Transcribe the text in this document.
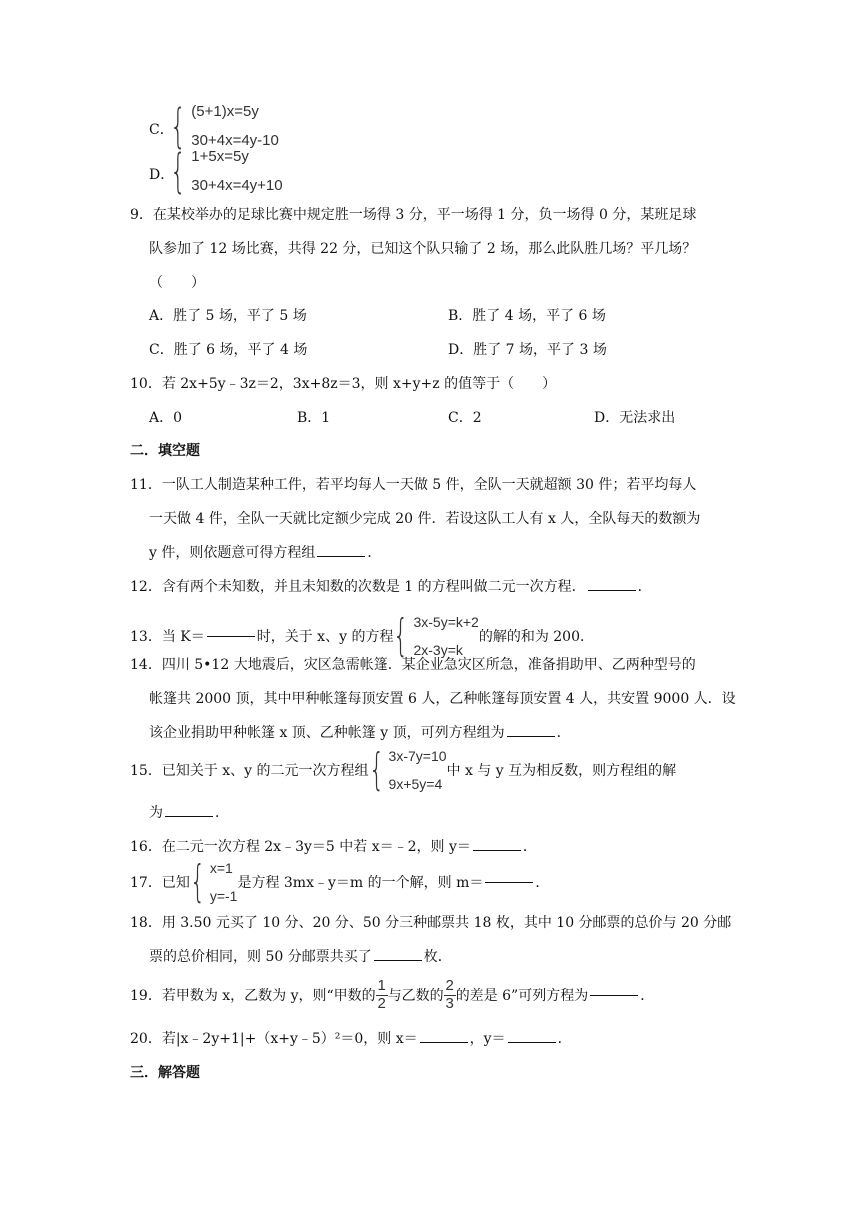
C．
{ (5+1)x=5y
30+4x=4y-10
D．
{ 1+5x=5y
30+4x=4y+10
9．在某校举办的足球比赛中规定胜一场得 3 分，平一场得 1 分，负一场得 0 分，某班足球
队参加了 12 场比赛，共得 22 分，已知这个队只输了 2 场，那么此队胜几场？平几场？
（　　）
A．胜了 5 场，平了 5 场	B．胜了 4 场，平了 6 场
C．胜了 6 场，平了 4 场	D．胜了 7 场，平了 3 场
10．若 2x+5y﹣3z＝2，3x+8z＝3，则 x+y+z 的值等于（　　）
A．0	B．1	C．2	D．无法求出
二．填空题
11．一队工人制造某种工件，若平均每人一天做 5 件，全队一天就超额 30 件；若平均每人
一天做 4 件，全队一天就比定额少完成 20 件．若设这队工人有 x 人，全队每天的数额为
y 件，则依题意可得方程组	．
12．含有两个未知数，并且未知数的次数是 1 的方程叫做二元一次方程．	．
13．当 K＝	时，关于 x、y 的方程 { 3x-5y=k+2
2x-3y=k
的解的和为 200．
14．四川 5•12 大地震后，灾区急需帐篷．某企业急灾区所急，准备捐助甲、乙两种型号的
帐篷共 2000 顶，其中甲种帐篷每顶安置 6 人，乙种帐篷每顶安置 4 人，共安置 9000 人．设
该企业捐助甲种帐篷 x 顶、乙种帐篷 y 顶，可列方程组为	．
15．已知关于 x、y 的二元一次方程组 { 3x-7y=10
9x+5y=4
中 x 与 y 互为相反数，则方程组的解
为	．
16．在二元一次方程 2x﹣3y＝5 中若 x＝﹣2，则 y＝	．
17．已知 { x=1
y=-1
是方程 3mx﹣y＝m 的一个解，则 m＝	．
18．用 3.50 元买了 10 分、20 分、50 分三种邮票共 18 枚，其中 10 分邮票的总价与 20 分邮
票的总价相同，则 50 分邮票共买了	枚．
19．若甲数为 x，乙数为 y，则“甲数的 $\frac{1}{2}$ 与乙数的 $\frac{2}{3}$ 的差是 6”可列方程为	．
20．若|x﹣2y+1|+（x+y﹣5）²＝0，则 x＝	，y＝	．
三．解答题
